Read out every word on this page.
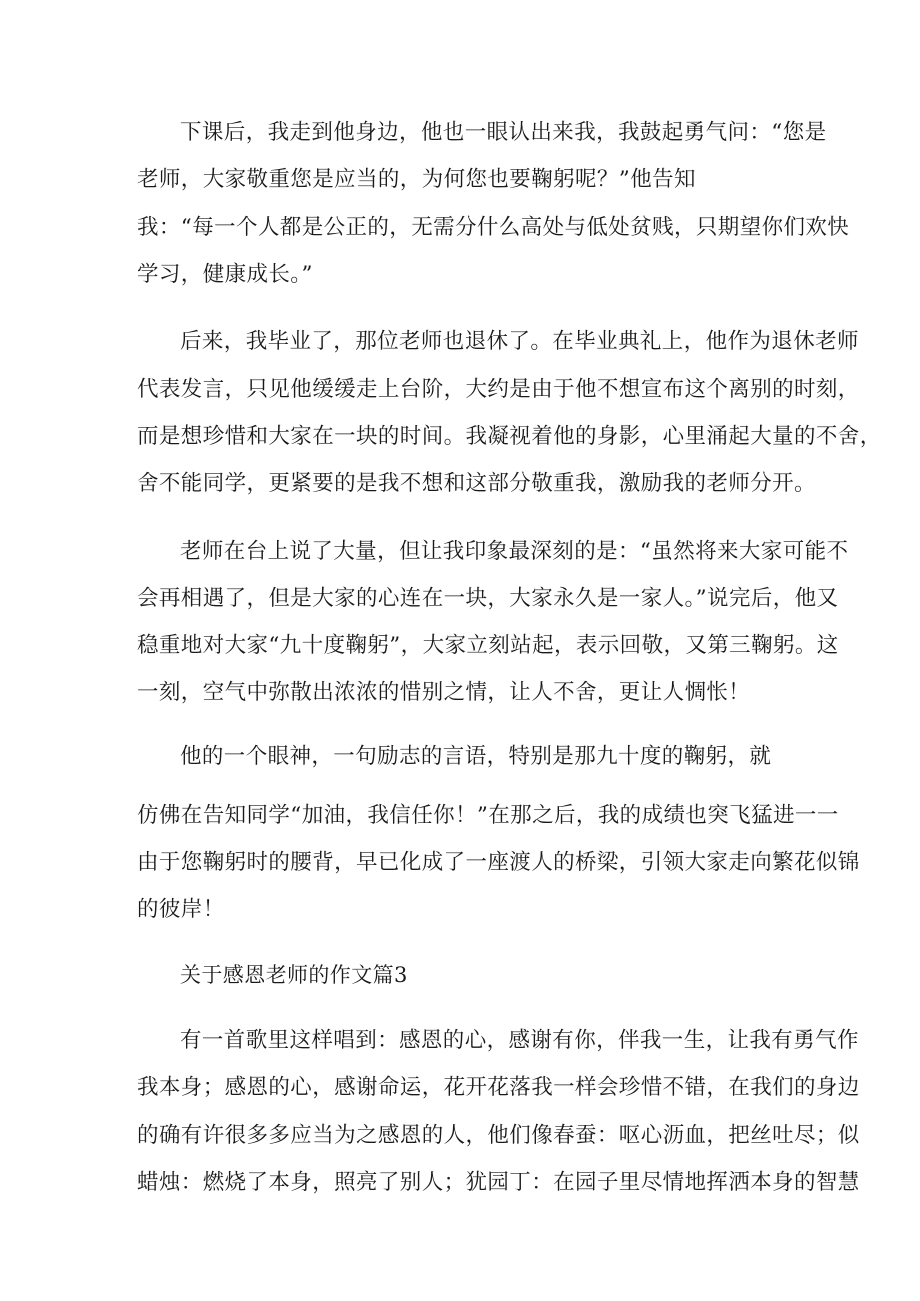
下课后，我走到他身边，他也一眼认出来我，我鼓起勇气问：“您是
老师，大家敬重您是应当的，为何您也要鞠躬呢？”他告知
我：“每一个人都是公正的，无需分什么高处与低处贫贱，只期望你们欢快
学习，健康成长。”
后来，我毕业了，那位老师也退休了。在毕业典礼上，他作为退休老师
代表发言，只见他缓缓走上台阶，大约是由于他不想宣布这个离别的时刻，
而是想珍惜和大家在一块的时间。我凝视着他的身影，心里涌起大量的不舍，
舍不能同学，更紧要的是我不想和这部分敬重我，激励我的老师分开。
老师在台上说了大量，但让我印象最深刻的是：“虽然将来大家可能不
会再相遇了，但是大家的心连在一块，大家永久是一家人。”说完后，他又
稳重地对大家“九十度鞠躬”，大家立刻站起，表示回敬，又第三鞠躬。这
一刻，空气中弥散出浓浓的惜别之情，让人不舍，更让人惆怅！
他的一个眼神，一句励志的言语，特别是那九十度的鞠躬，就
仿佛在告知同学“加油，我信任你！”在那之后，我的成绩也突飞猛进一一
由于您鞠躬时的腰背，早已化成了一座渡人的桥梁，引领大家走向繁花似锦
的彼岸！
关于感恩老师的作文篇3
有一首歌里这样唱到：感恩的心，感谢有你，伴我一生，让我有勇气作
我本身；感恩的心，感谢命运，花开花落我一样会珍惜不错，在我们的身边
的确有许很多多应当为之感恩的人，他们像春蚕：呕心沥血，把丝吐尽；似
蜡烛：燃烧了本身，照亮了别人；犹园丁：在园子里尽情地挥洒本身的智慧
